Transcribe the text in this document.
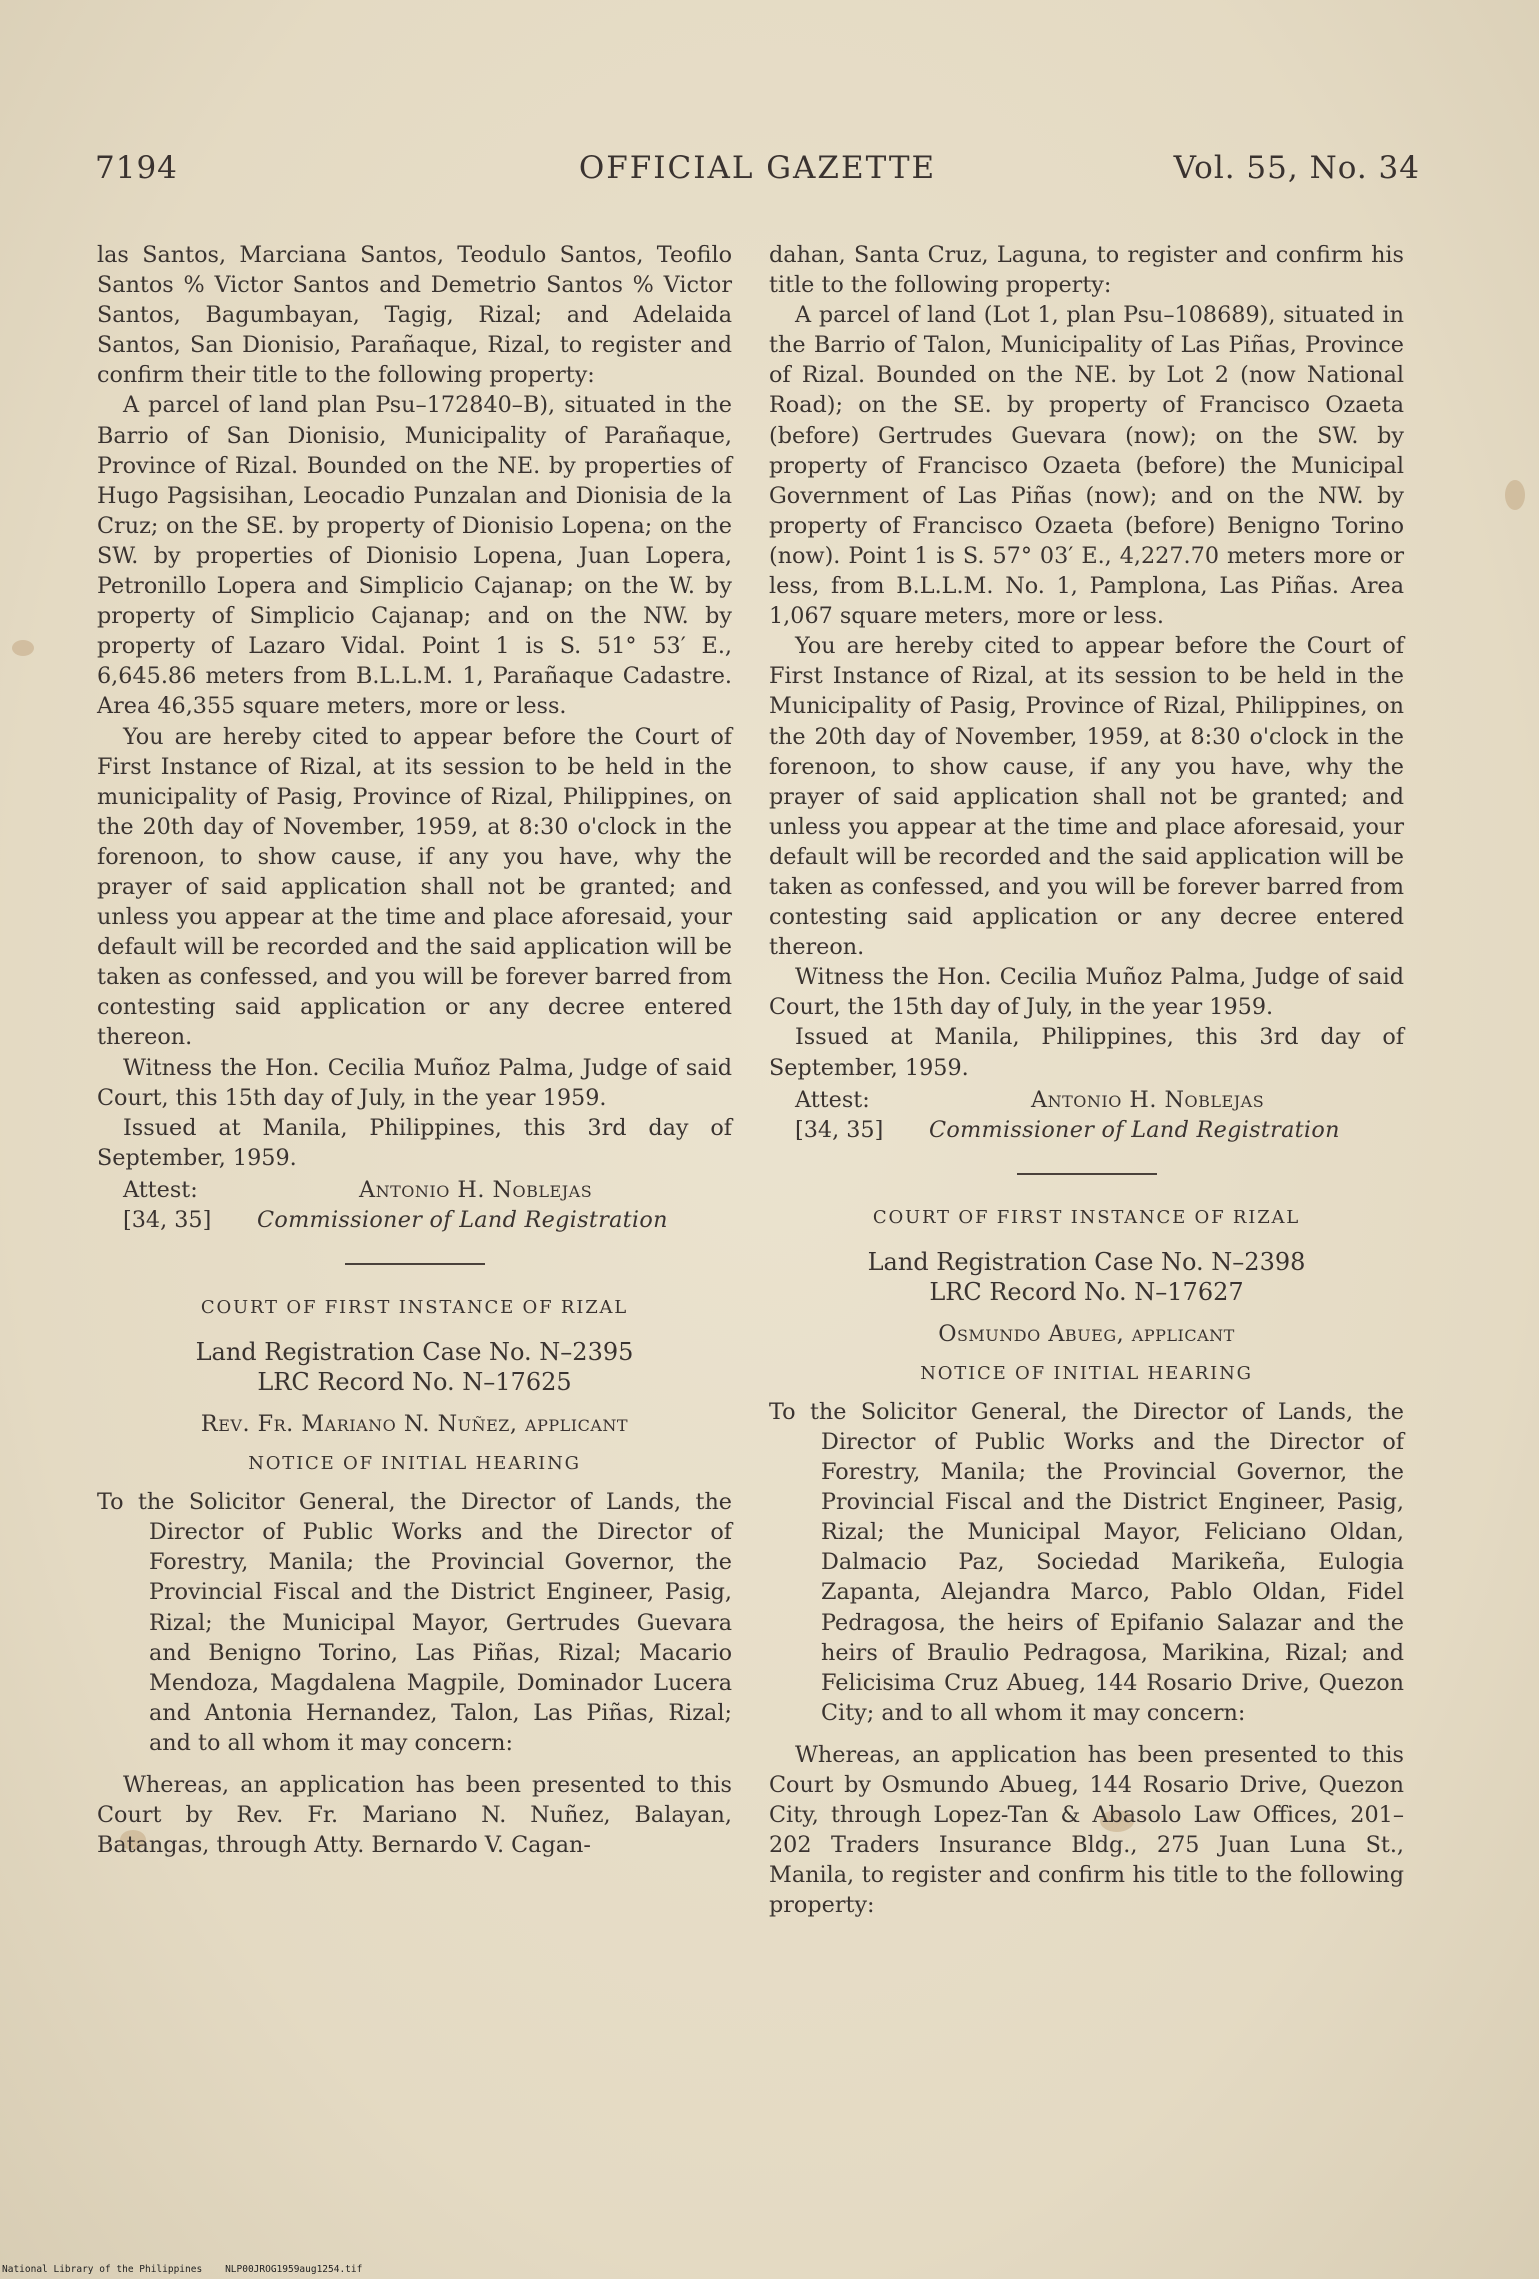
7194	OFFICIAL GAZETTE	Vol. 55, No. 34

las Santos, Marciana Santos, Teodulo Santos, Teofilo Santos % Victor Santos and Demetrio Santos % Victor Santos, Bagumbayan, Tagig, Rizal; and Adelaida Santos, San Dionisio, Parañaque, Rizal, to register and confirm their title to the following property:

A parcel of land plan Psu–172840–B), situated in the Barrio of San Dionisio, Municipality of Parañaque, Province of Rizal. Bounded on the NE. by properties of Hugo Pagsisihan, Leocadio Punzalan and Dionisia de la Cruz; on the SE. by property of Dionisio Lopena; on the SW. by properties of Dionisio Lopena, Juan Lopera, Petronillo Lopera and Simplicio Cajanap; on the W. by property of Simplicio Cajanap; and on the NW. by property of Lazaro Vidal. Point 1 is S. 51° 53′ E., 6,645.86 meters from B.L.L.M. 1, Parañaque Cadastre. Area 46,355 square meters, more or less.

You are hereby cited to appear before the Court of First Instance of Rizal, at its session to be held in the municipality of Pasig, Province of Rizal, Philippines, on the 20th day of November, 1959, at 8:30 o'clock in the forenoon, to show cause, if any you have, why the prayer of said application shall not be granted; and unless you appear at the time and place aforesaid, your default will be recorded and the said application will be taken as confessed, and you will be forever barred from contesting said application or any decree entered thereon.

Witness the Hon. Cecilia Muñoz Palma, Judge of said Court, this 15th day of July, in the year 1959.

Issued at Manila, Philippines, this 3rd day of September, 1959.

Attest:	Antonio H. Noblejas
[34, 35] Commissioner of Land Registration
COURT OF FIRST INSTANCE OF RIZAL
Land Registration Case No. N–2395
LRC Record No. N–17625
Rev. Fr. Mariano N. Nuñez, applicant
NOTICE OF INITIAL HEARING

To the Solicitor General, the Director of Lands, the Director of Public Works and the Director of Forestry, Manila; the Provincial Governor, the Provincial Fiscal and the District Engineer, Pasig, Rizal; the Municipal Mayor, Gertrudes Guevara and Benigno Torino, Las Piñas, Rizal; Macario Mendoza, Magdalena Magpile, Dominador Lucera and Antonia Hernandez, Talon, Las Piñas, Rizal; and to all whom it may concern:

Whereas, an application has been presented to this Court by Rev. Fr. Mariano N. Nuñez, Balayan, Batangas, through Atty. Bernardo V. Cagan-

dahan, Santa Cruz, Laguna, to register and confirm his title to the following property:

A parcel of land (Lot 1, plan Psu–108689), situated in the Barrio of Talon, Municipality of Las Piñas, Province of Rizal. Bounded on the NE. by Lot 2 (now National Road); on the SE. by property of Francisco Ozaeta (before) Gertrudes Guevara (now); on the SW. by property of Francisco Ozaeta (before) the Municipal Government of Las Piñas (now); and on the NW. by property of Francisco Ozaeta (before) Benigno Torino (now). Point 1 is S. 57° 03′ E., 4,227.70 meters more or less, from B.L.L.M. No. 1, Pamplona, Las Piñas. Area 1,067 square meters, more or less.

You are hereby cited to appear before the Court of First Instance of Rizal, at its session to be held in the Municipality of Pasig, Province of Rizal, Philippines, on the 20th day of November, 1959, at 8:30 o'clock in the forenoon, to show cause, if any you have, why the prayer of said application shall not be granted; and unless you appear at the time and place aforesaid, your default will be recorded and the said application will be taken as confessed, and you will be forever barred from contesting said application or any decree entered thereon.

Witness the Hon. Cecilia Muñoz Palma, Judge of said Court, the 15th day of July, in the year 1959.

Issued at Manila, Philippines, this 3rd day of September, 1959.

Attest:	Antonio H. Noblejas
[34, 35] Commissioner of Land Registration
COURT OF FIRST INSTANCE OF RIZAL
Land Registration Case No. N–2398
LRC Record No. N–17627
Osmundo Abueg, applicant
NOTICE OF INITIAL HEARING

To the Solicitor General, the Director of Lands, the Director of Public Works and the Director of Forestry, Manila; the Provincial Governor, the Provincial Fiscal and the District Engineer, Pasig, Rizal; the Municipal Mayor, Feliciano Oldan, Dalmacio Paz, Sociedad Marikeña, Eulogia Zapanta, Alejandra Marco, Pablo Oldan, Fidel Pedragosa, the heirs of Epifanio Salazar and the heirs of Braulio Pedragosa, Marikina, Rizal; and Felicisima Cruz Abueg, 144 Rosario Drive, Quezon City; and to all whom it may concern:

Whereas, an application has been presented to this Court by Osmundo Abueg, 144 Rosario Drive, Quezon City, through Lopez-Tan & Abasolo Law Offices, 201–202 Traders Insurance Bldg., 275 Juan Luna St., Manila, to register and confirm his title to the following property:

National Library of the Philippines NLP00JROG1959aug1254.tif
